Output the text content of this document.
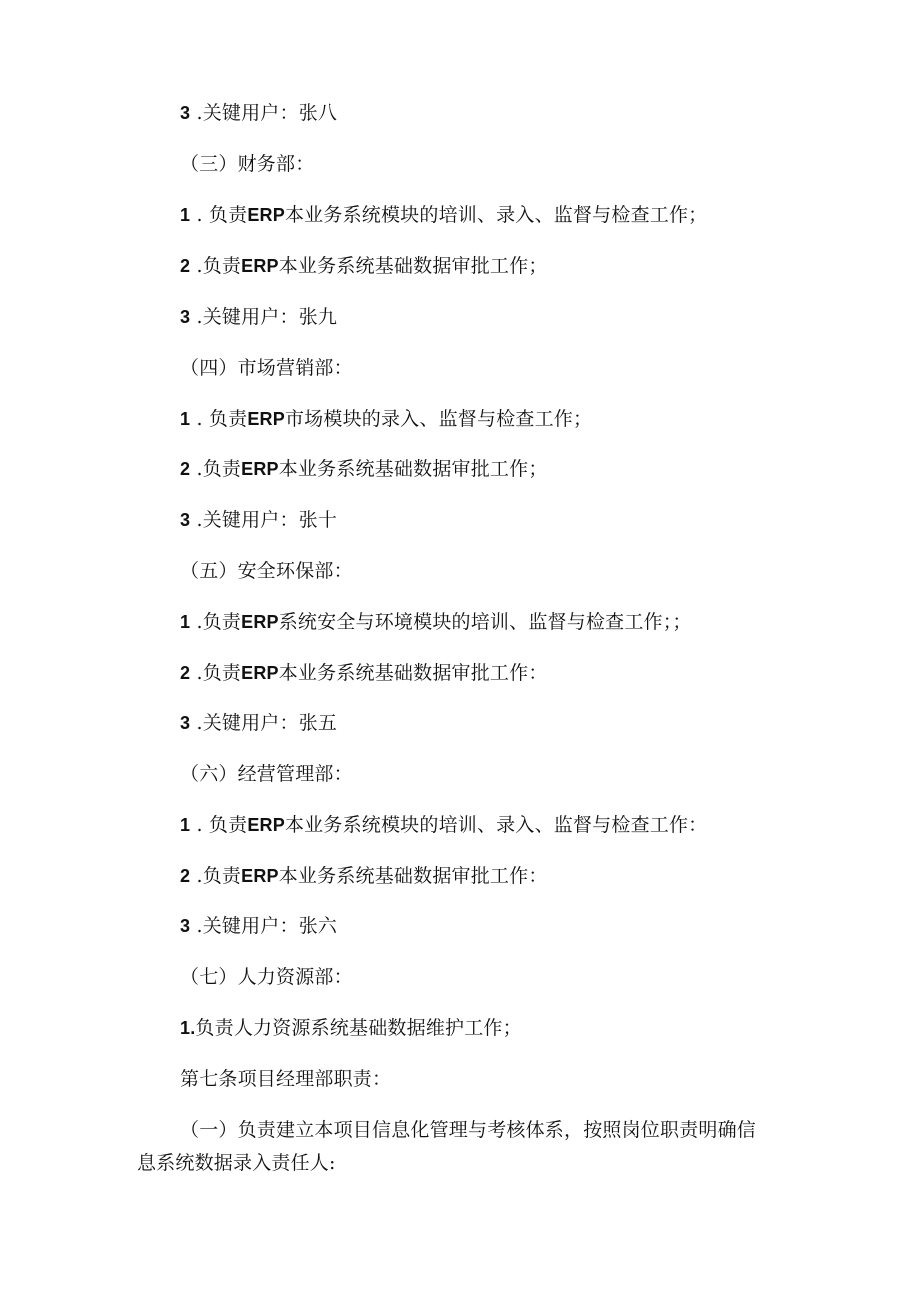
3 .关键用户：张八

（三）财务部：

1 . 负责ERP本业务系统模块的培训、录入、监督与检查工作；

2 .负责ERP本业务系统基础数据审批工作；

3 .关键用户：张九

（四）市场营销部：

1 . 负责ERP市场模块的录入、监督与检查工作；

2 .负责ERP本业务系统基础数据审批工作；

3 .关键用户：张十

（五）安全环保部：

1 .负责ERP系统安全与环境模块的培训、监督与检查工作；；

2 .负责ERP本业务系统基础数据审批工作：

3 .关键用户：张五

（六）经营管理部：

1 . 负责ERP本业务系统模块的培训、录入、监督与检查工作：

2 .负责ERP本业务系统基础数据审批工作：

3 .关键用户：张六

（七）人力资源部：

1.负责人力资源系统基础数据维护工作；

第七条项目经理部职责：

（一）负责建立本项目信息化管理与考核体系，按照岗位职责明确信

息系统数据录入责任人:
